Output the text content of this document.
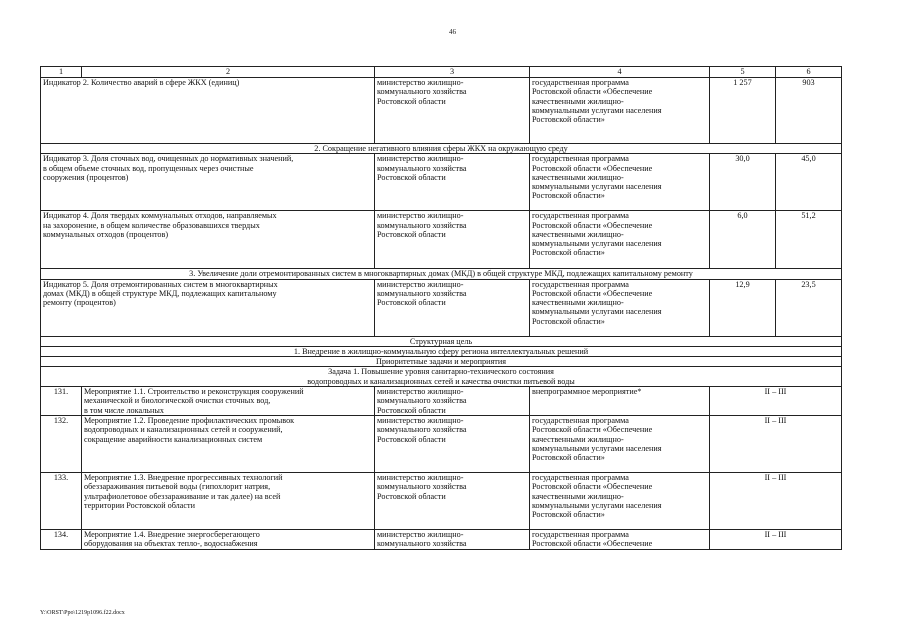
46
1	2	3	4	5	6
Индикатор 2. Количество аварий в сфере ЖКХ (единиц)		министерство жилищно-
коммунального хозяйства
Ростовской области	государственная программа
Ростовской области «Обеспечение
качественными жилищно-
коммунальными услугами населения
Ростовской области»	1 257	903
2. Сокращение негативного влияния сферы ЖКХ на окружающую среду					
Индикатор 3. Доля сточных вод, очищенных до нормативных значений,
в общем объеме сточных вод, пропущенных через очистные
сооружения (процентов)		министерство жилищно-
коммунального хозяйства
Ростовской области	государственная программа
Ростовской области «Обеспечение
качественными жилищно-
коммунальными услугами населения
Ростовской области»	30,0	45,0
Индикатор 4. Доля твердых коммунальных отходов, направляемых
на захоронение, в общем количестве образовавшихся твердых
коммунальных отходов (процентов)		министерство жилищно-
коммунального хозяйства
Ростовской области	государственная программа
Ростовской области «Обеспечение
качественными жилищно-
коммунальными услугами населения
Ростовской области»	6,0	51,2
3. Увеличение доли отремонтированных систем в многоквартирных домах (МКД) в общей структуре МКД, подлежащих капитальному ремонту					
Индикатор 5. Доля отремонтированных систем в многоквартирных
домах (МКД) в общей структуре МКД, подлежащих капитальному
ремонту (процентов)		министерство жилищно-
коммунального хозяйства
Ростовской области	государственная программа
Ростовской области «Обеспечение
качественными жилищно-
коммунальными услугами населения
Ростовской области»	12,9	23,5
Структурная цель					
1. Внедрение в жилищно-коммунальную сферу региона интеллектуальных решений					
Приоритетные задачи и мероприятия					
Задача 1. Повышение уровня санитарно-технического состояния
водопроводных и канализационных сетей и качества очистки питьевой воды					
131.	Мероприятие 1.1. Строительство и реконструкция сооружений
механической и биологической очистки сточных вод,
в том числе локальных	министерство жилищно-
коммунального хозяйства
Ростовской области	внепрограммное мероприятие*	II – III	
132.	Мероприятие 1.2. Проведение профилактических промывок
водопроводных и канализационных сетей и сооружений,
сокращение аварийности канализационных систем	министерство жилищно-
коммунального хозяйства
Ростовской области	государственная программа
Ростовской области «Обеспечение
качественными жилищно-
коммунальными услугами населения
Ростовской области»	II – III	
133.	Мероприятие 1.3. Внедрение прогрессивных технологий
обеззараживания питьевой воды (гипохлорит натрия,
ультрафиолетовое обеззараживание и так далее) на всей
территории Ростовской области	министерство жилищно-
коммунального хозяйства
Ростовской области	государственная программа
Ростовской области «Обеспечение
качественными жилищно-
коммунальными услугами населения
Ростовской области»	II – III	
134.	Мероприятие 1.4. Внедрение энергосберегающего
оборудования на объектах тепло-, водоснабжения	министерство жилищно-
коммунального хозяйства	государственная программа
Ростовской области «Обеспечение	II – III	
Y:\ORST\Ppo\1219p1096.f22.docx
